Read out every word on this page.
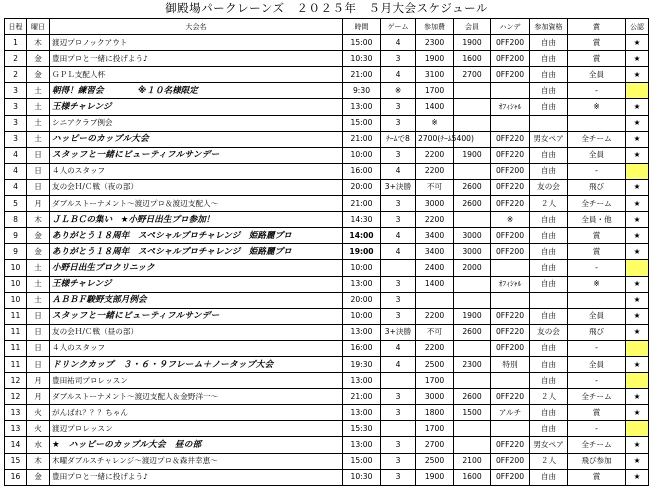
御殿場パークレーンズ　２０２５年　５月大会スケジュール
日程	曜日	大会名	時間	ゲーム	参加費	会員	ハンデ	参加資格	賞	公認
1	木	渡辺プロノックアウト	15:00	4	2300	1900	0FF200	自由	賞	★
2	金	豊田プロと一緒に投げよう♪	10:30	3	1900	1600	0FF200	自由	賞	★
2	金	ＧＰＬ支配人杯	21:00	4	3100	2700	0FF200	自由	全員	★
3	土	朝得！練習会　　　　※１０名様限定	9:30	※	1700			自由	-	
3	土	王様チャレンジ	13:00	3	1400		ｵﾌｨｼｬﾙ	自由	※	★
3	土	シニアクラブ例会	15:00	3	※					★
3	土	ハッピーのカップル大会	21:00	ﾁｰﾑで8	2700(ﾁｰﾑ5400)		0FF220	男女ペア	全チーム	★
4	日	スタッフと一緒にビューティフルサンデー	10:00	3	2200	1900	0FF220	自由	全員	★
4	日	４人のスタッフ	16:00	4	2200		0FF200	自由	-	
4	日	友の会Ｈ/Ｃ戦（夜の部）	20:00	3+決勝	不可	2600	0FF220	友の会	飛び	★
5	月	ダブルストーナメント～渡辺プロ＆渡辺支配人～	21:00	3	3000	2600	0FF220	２人	全チーム	★
8	木	ＪＬＢＣの集い　★小野日出生プロ参加！	14:30	3	2200		※	自由	全員・他	★
9	金	ありがとう１８周年　スペシャルプロチャレンジ　姫路麗プロ	14:00	4	3400	3000	0FF200	自由	賞	★
9	金	ありがとう１８周年　スペシャルプロチャレンジ　姫路麗プロ	19:00	4	3400	3000	0FF200	自由	賞	★
10	土	小野日出生プロクリニック	10:00		2400	2000		自由	-	
10	土	王様チャレンジ	13:00	3	1400		ｵﾌｨｼｬﾙ	自由	※	★
10	土	ＡＢＢＦ駿野支部月例会	20:00	3						★
11	日	スタッフと一緒にビューティフルサンデー	10:00	3	2200	1900	0FF220	自由	全員	★
11	日	友の会Ｈ/Ｃ戦（昼の部）	13:00	3+決勝	不可	2600	0FF220	友の会	飛び	★
11	日	４人のスタッフ	16:00	4	2200		0FF200	自由	-	
11	日	ドリンクカップ　３・６・９フレーム＋ノータップ大会	19:30	4	2500	2300	特別	自由	全員	★
12	月	豊田祐司プロレッスン	13:00		1700			自由	-	
12	月	ダブルストーナメント～渡辺支配人＆金野洋一～	21:00	3	3000	2600	0FF220	２人	全チーム	★
13	火	がんばれ？？？ちゃん	13:00	3	1800	1500	アルチ	自由	賞	★
13	火	渡辺プロレッスン	15:30		1700			自由	-	
14	水	★　ハッピーのカップル大会　昼の部	13:00	3	2700		0FF220	男女ペア	全チーム	★
15	木	木曜ダブルスチャレンジ～渡辺プロ＆森井幸恵～	15:00	3	2500	2100	0FF200	２人	飛び参加	★
16	金	豊田プロと一緒に投げよう♪	10:30	3	1900	1600	0FF200	自由	賞	★
